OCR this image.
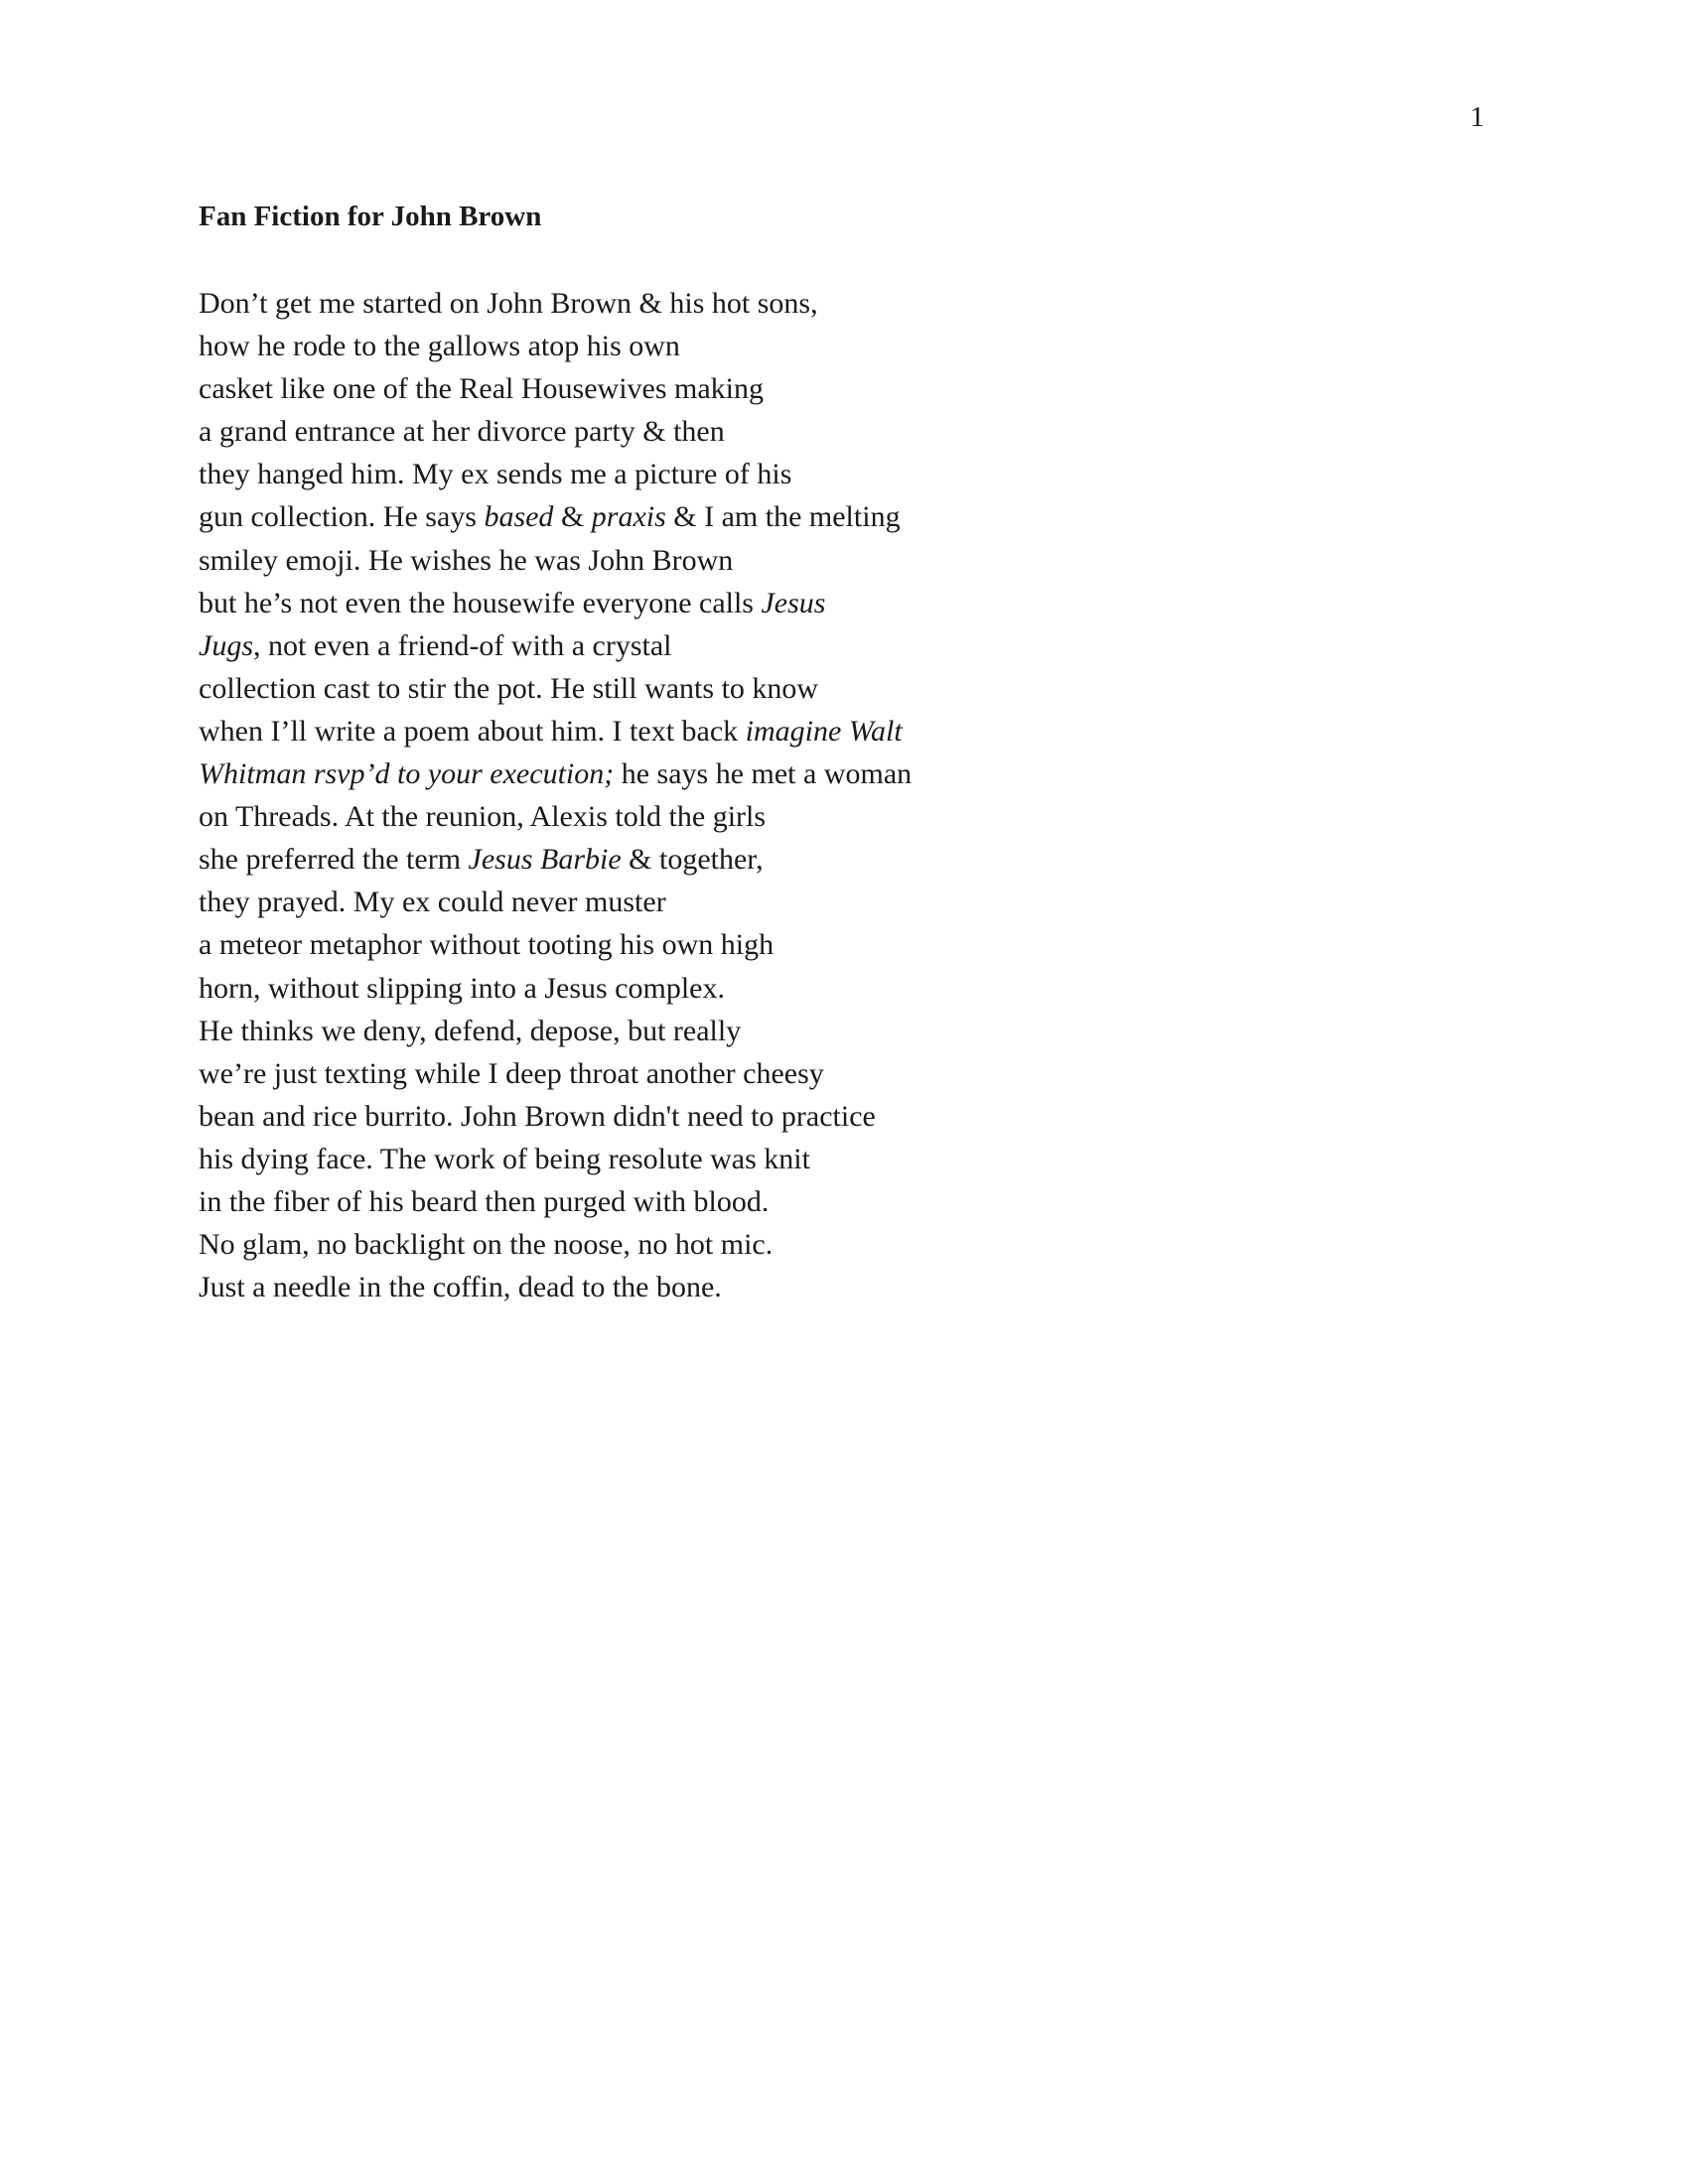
1
Fan Fiction for John Brown
Don’t get me started on John Brown & his hot sons,
how he rode to the gallows atop his own
casket like one of the Real Housewives making
a grand entrance at her divorce party & then
they hanged him. My ex sends me a picture of his
gun collection. He says based & praxis & I am the melting
smiley emoji. He wishes he was John Brown
but he’s not even the housewife everyone calls Jesus
Jugs, not even a friend-of with a crystal
collection cast to stir the pot. He still wants to know
when I’ll write a poem about him. I text back imagine Walt
Whitman rsvp’d to your execution; he says he met a woman
on Threads. At the reunion, Alexis told the girls
she preferred the term Jesus Barbie & together,
they prayed. My ex could never muster
a meteor metaphor without tooting his own high
horn, without slipping into a Jesus complex.
He thinks we deny, defend, depose, but really
we’re just texting while I deep throat another cheesy
bean and rice burrito. John Brown didn't need to practice
his dying face. The work of being resolute was knit
in the fiber of his beard then purged with blood.
No glam, no backlight on the noose, no hot mic.
Just a needle in the coffin, dead to the bone.
